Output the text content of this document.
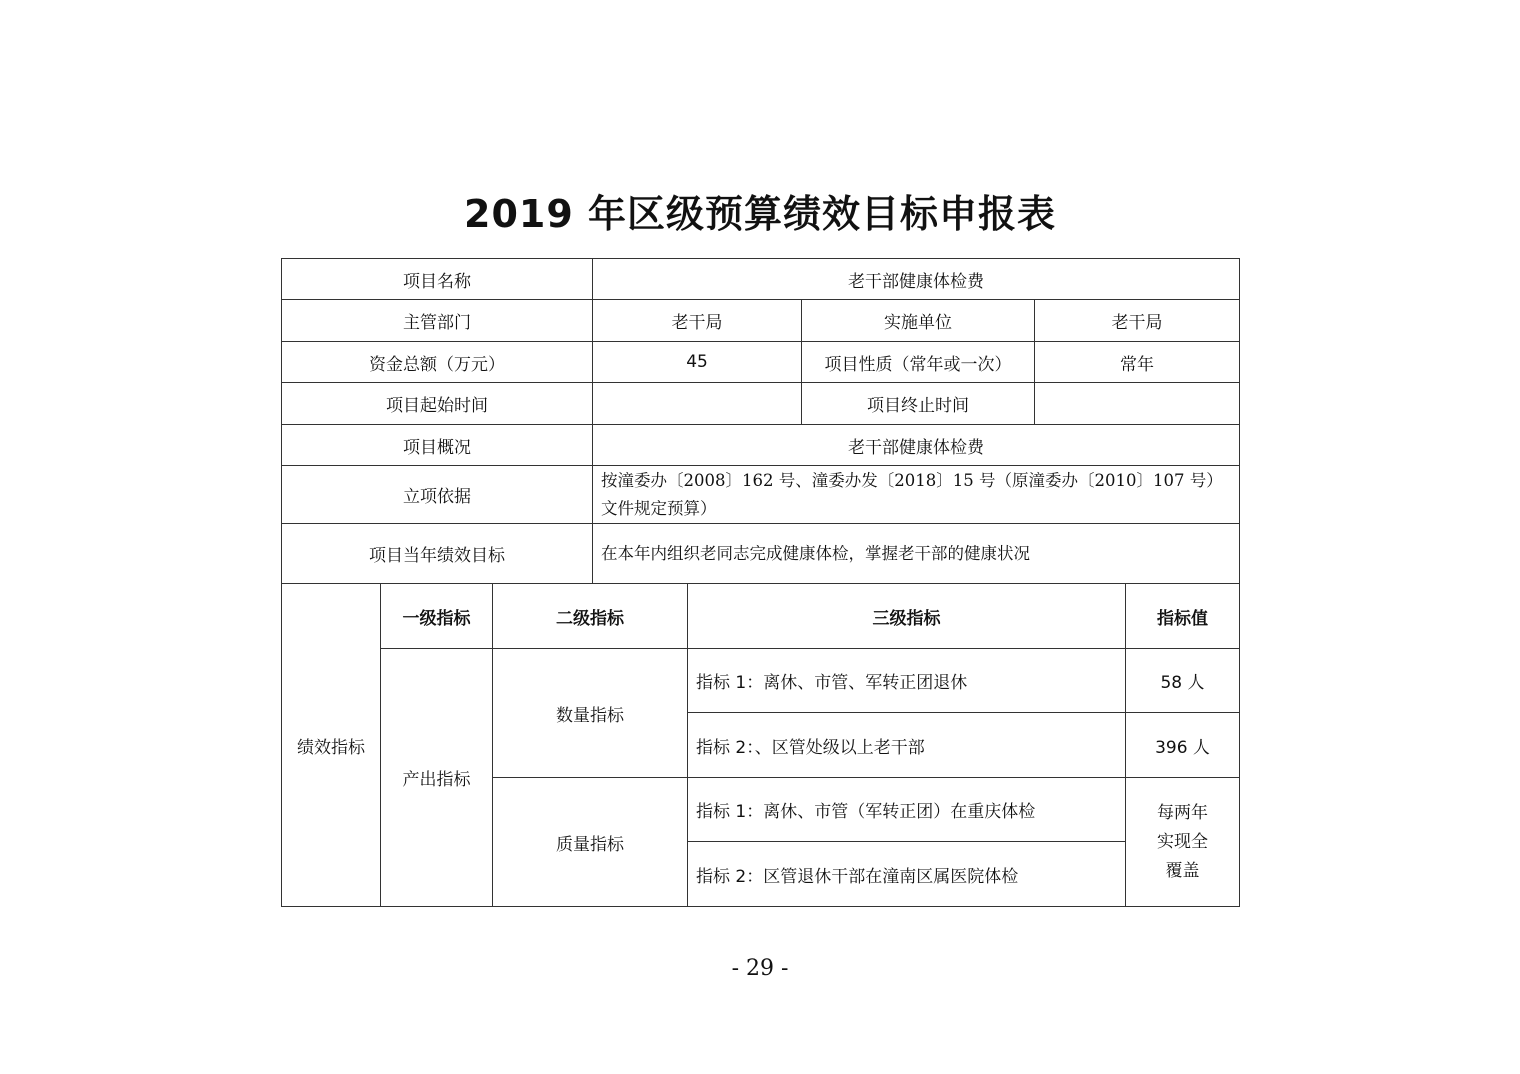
2019 年区级预算绩效目标申报表
项目名称			老干部健康体检费				
主管部门			老干局		实施单位	老干局	
资金总额（万元）			45		项目性质（常年或一次）	常年	
项目起始时间					项目终止时间		
项目概况			老干部健康体检费				
立项依据			按潼委办〔2008〕162 号、潼委办发〔2018〕15 号（原潼委办〔2010〕107 号）文件规定预算）				
项目当年绩效目标			在本年内组织老同志完成健康体检，掌握老干部的健康状况				
绩效指标	一级指标	二级指标		三级指标			指标值
	产出指标	数量指标		指标 1：离休、市管、军转正团退休			58 人
				指标 2：、区管处级以上老干部			396 人
		质量指标		指标 1：离休、市管（军转正团）在重庆体检			每两年
实现全
覆盖

				指标 2：区管退休干部在潼南区属医院体检			
- 29 -
